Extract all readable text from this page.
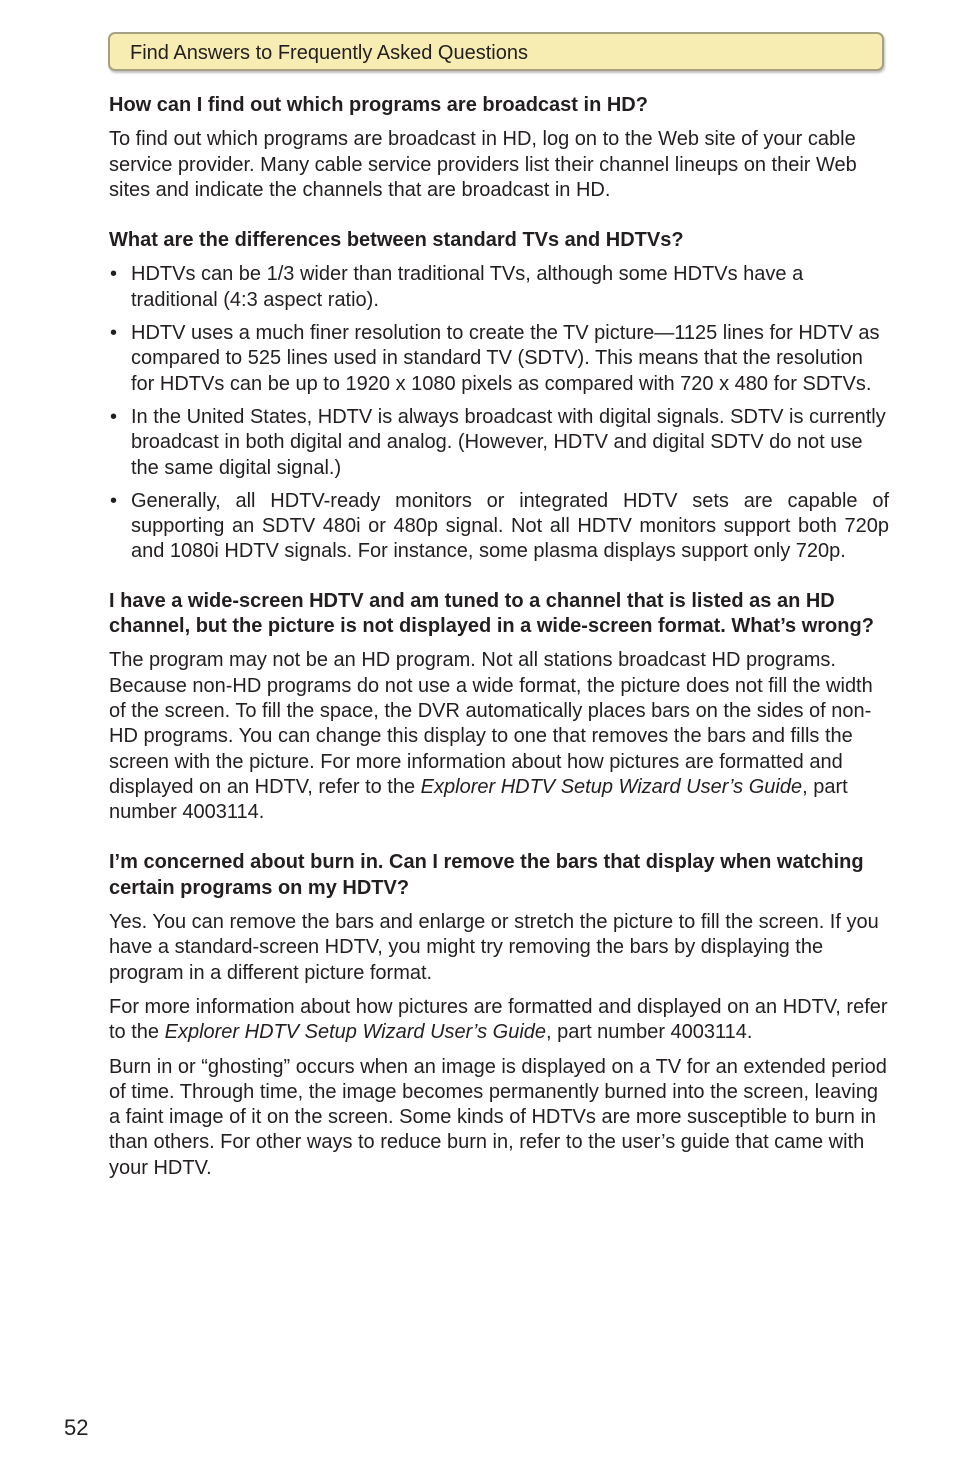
Find Answers to Frequently Asked Questions
How can I find out which programs are broadcast in HD?
To find out which programs are broadcast in HD, log on to the Web site of your cable service provider. Many cable service providers list their channel lineups on their Web sites and indicate the channels that are broadcast in HD.
What are the differences between standard TVs and HDTVs?
• HDTVs can be 1/3 wider than traditional TVs, although some HDTVs have a traditional (4:3 aspect ratio).
• HDTV uses a much finer resolution to create the TV picture—1125 lines for HDTV as compared to 525 lines used in standard TV (SDTV). This means that the resolution for HDTVs can be up to 1920 x 1080 pixels as compared with 720 x 480 for SDTVs.
• In the United States, HDTV is always broadcast with digital signals. SDTV is currently broadcast in both digital and analog. (However, HDTV and digital SDTV do not use the same digital signal.)
• Generally, all HDTV-ready monitors or integrated HDTV sets are capable of supporting an SDTV 480i or 480p signal. Not all HDTV monitors support both 720p and 1080i HDTV signals. For instance, some plasma displays support only 720p.
I have a wide-screen HDTV and am tuned to a channel that is listed as an HD channel, but the picture is not displayed in a wide-screen format. What’s wrong?
The program may not be an HD program. Not all stations broadcast HD programs. Because non-HD programs do not use a wide format, the picture does not fill the width of the screen. To fill the space, the DVR automatically places bars on the sides of non-HD programs. You can change this display to one that removes the bars and fills the screen with the picture. For more information about how pictures are formatted and displayed on an HDTV, refer to the Explorer HDTV Setup Wizard User’s Guide, part number 4003114.
I’m concerned about burn in. Can I remove the bars that display when watching certain programs on my HDTV?
Yes. You can remove the bars and enlarge or stretch the picture to fill the screen. If you have a standard-screen HDTV, you might try removing the bars by displaying the program in a different picture format.
For more information about how pictures are formatted and displayed on an HDTV, refer to the Explorer HDTV Setup Wizard User’s Guide, part number 4003114.
Burn in or “ghosting” occurs when an image is displayed on a TV for an extended period of time. Through time, the image becomes permanently burned into the screen, leaving a faint image of it on the screen. Some kinds of HDTVs are more susceptible to burn in than others. For other ways to reduce burn in, refer to the user’s guide that came with your HDTV.
52
